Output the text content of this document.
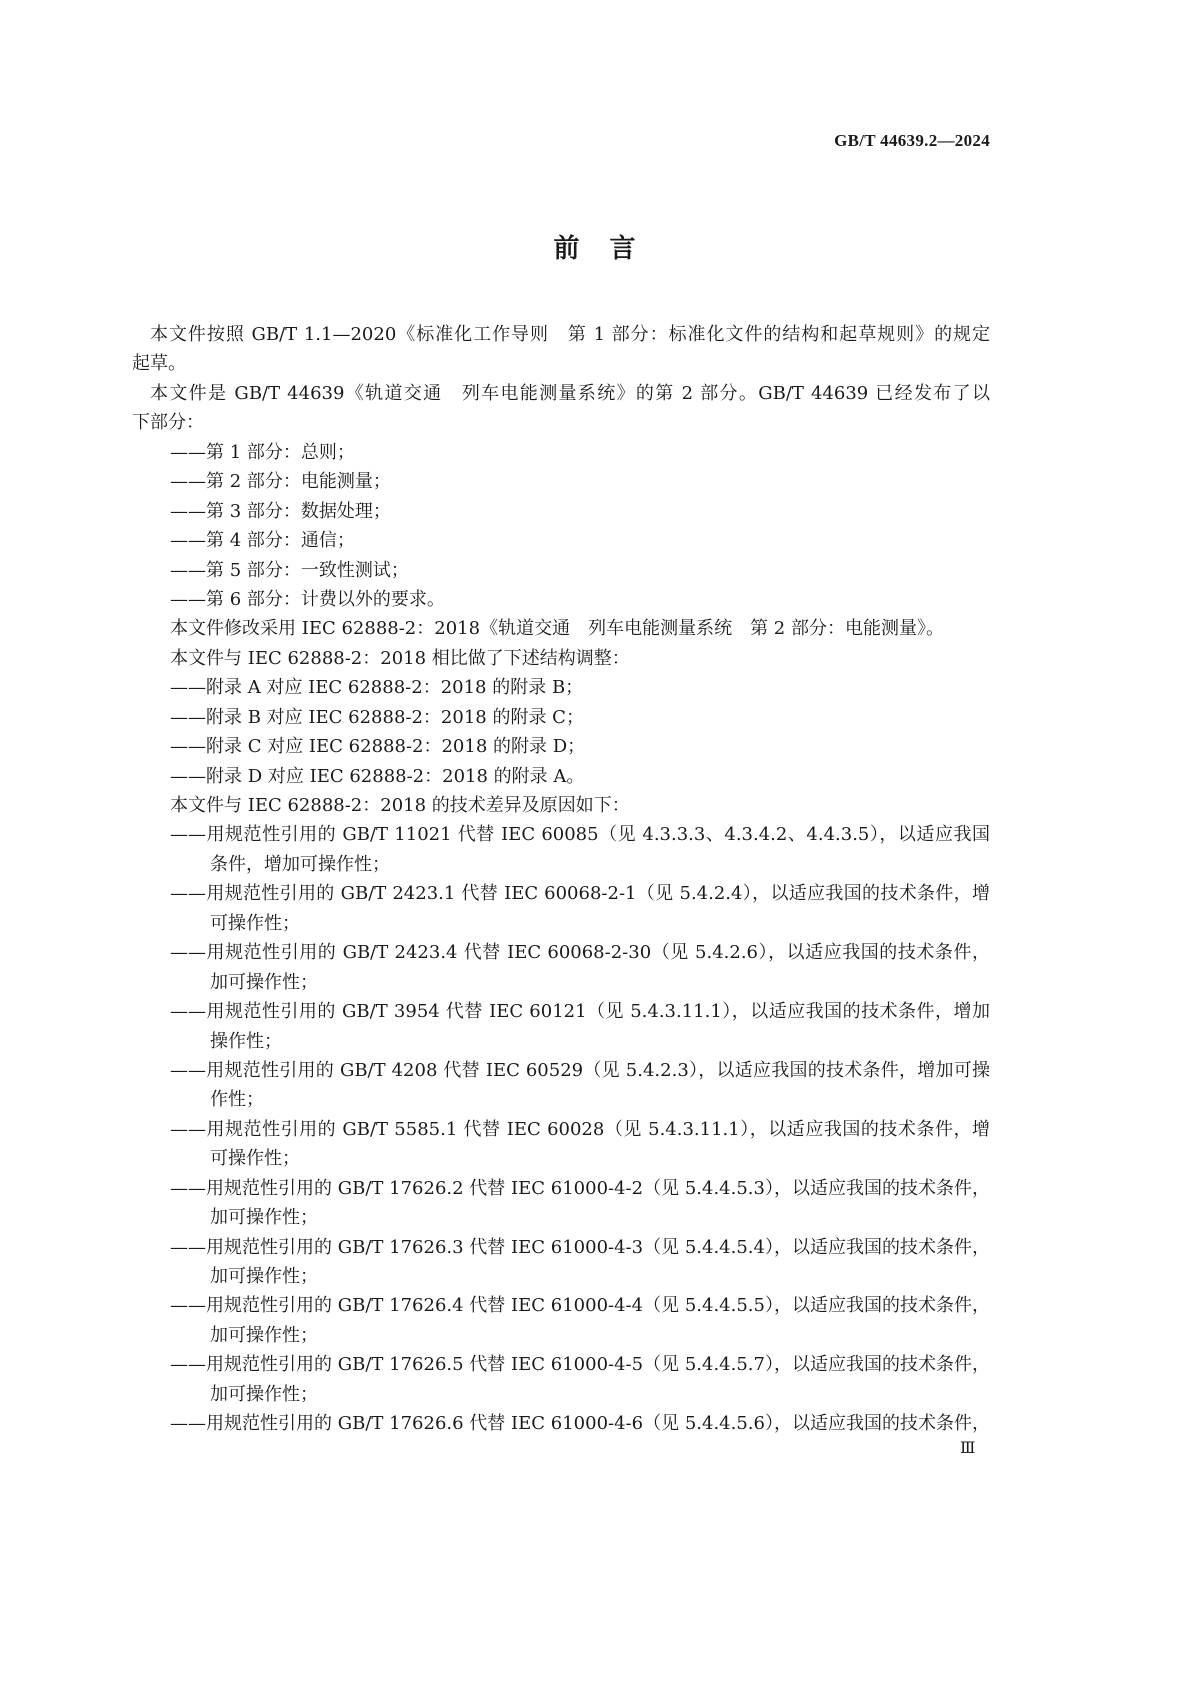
GB/T 44639.2—2024
前　言
本文件按照 GB/T 1.1—2020《标准化工作导则　第 1 部分：标准化文件的结构和起草规则》的规定
起草。
本文件是 GB/T 44639《轨道交通　列车电能测量系统》的第 2 部分。GB/T 44639 已经发布了以
下部分：
——第 1 部分：总则；
——第 2 部分：电能测量；
——第 3 部分：数据处理；
——第 4 部分：通信；
——第 5 部分：一致性测试；
——第 6 部分：计费以外的要求。
本文件修改采用 IEC 62888-2：2018《轨道交通　列车电能测量系统　第 2 部分：电能测量》。
本文件与 IEC 62888-2：2018 相比做了下述结构调整：
——附录 A 对应 IEC 62888-2：2018 的附录 B；
——附录 B 对应 IEC 62888-2：2018 的附录 C；
——附录 C 对应 IEC 62888-2：2018 的附录 D；
——附录 D 对应 IEC 62888-2：2018 的附录 A。
本文件与 IEC 62888-2：2018 的技术差异及原因如下：
——用规范性引用的 GB/T 11021 代替 IEC 60085（见 4.3.3.3、4.3.4.2、4.4.3.5），以适应我国
条件，增加可操作性；
——用规范性引用的 GB/T 2423.1 代替 IEC 60068-2-1（见 5.4.2.4），以适应我国的技术条件，增
可操作性；
——用规范性引用的 GB/T 2423.4 代替 IEC 60068-2-30（见 5.4.2.6），以适应我国的技术条件，
加可操作性；
——用规范性引用的 GB/T 3954 代替 IEC 60121（见 5.4.3.11.1），以适应我国的技术条件，增加
操作性；
——用规范性引用的 GB/T 4208 代替 IEC 60529（见 5.4.2.3），以适应我国的技术条件，增加可操
作性；
——用规范性引用的 GB/T 5585.1 代替 IEC 60028（见 5.4.3.11.1），以适应我国的技术条件，增
可操作性；
——用规范性引用的 GB/T 17626.2 代替 IEC 61000-4-2（见 5.4.4.5.3），以适应我国的技术条件，
加可操作性；
——用规范性引用的 GB/T 17626.3 代替 IEC 61000-4-3（见 5.4.4.5.4），以适应我国的技术条件，
加可操作性；
——用规范性引用的 GB/T 17626.4 代替 IEC 61000-4-4（见 5.4.4.5.5），以适应我国的技术条件，
加可操作性；
——用规范性引用的 GB/T 17626.5 代替 IEC 61000-4-5（见 5.4.4.5.7），以适应我国的技术条件，
加可操作性；
——用规范性引用的 GB/T 17626.6 代替 IEC 61000-4-6（见 5.4.4.5.6），以适应我国的技术条件，
Ⅲ
